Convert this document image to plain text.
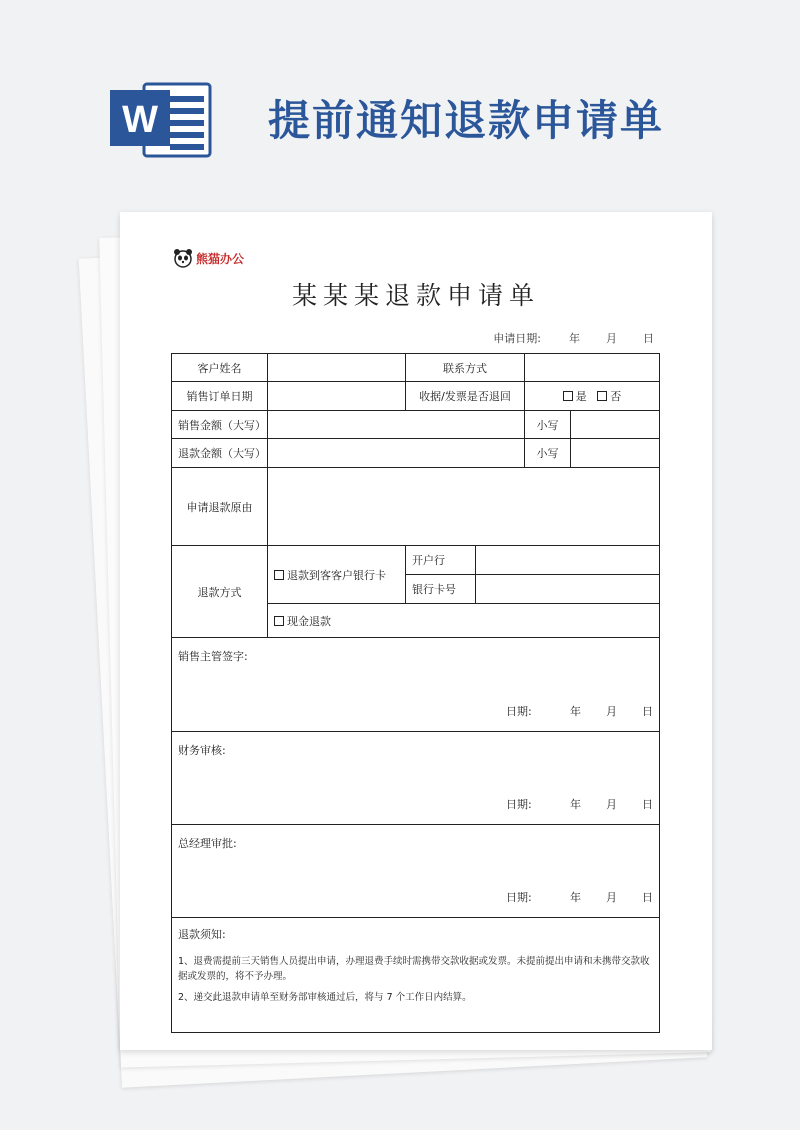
W	提前通知退款申请单
熊猫办公
某某某退款申请单
申请日期:	年 月 日
客户姓名		联系方式			
销售订单日期		收据/发票是否退回		是 否	
销售金额（大写）				小写	
退款金额（大写）				小写	
申请退款原由					
退款方式	退款到客客户银行卡	开户行			
		银行卡号			
	现金退款				
销售主管签字:
日期: 年 月 日					

财务审核:
日期: 年 月 日					

总经理审批:
日期: 年 月 日					

退款须知:

1、退费需提前三天销售人员提出申请，办理退费手续时需携带交款收据或发票。未提前提出申请和未携带交款收据或发票的，将不予办理。

2、递交此退款申请单至财务部审核通过后，将与 7 个工作日内结算。					
